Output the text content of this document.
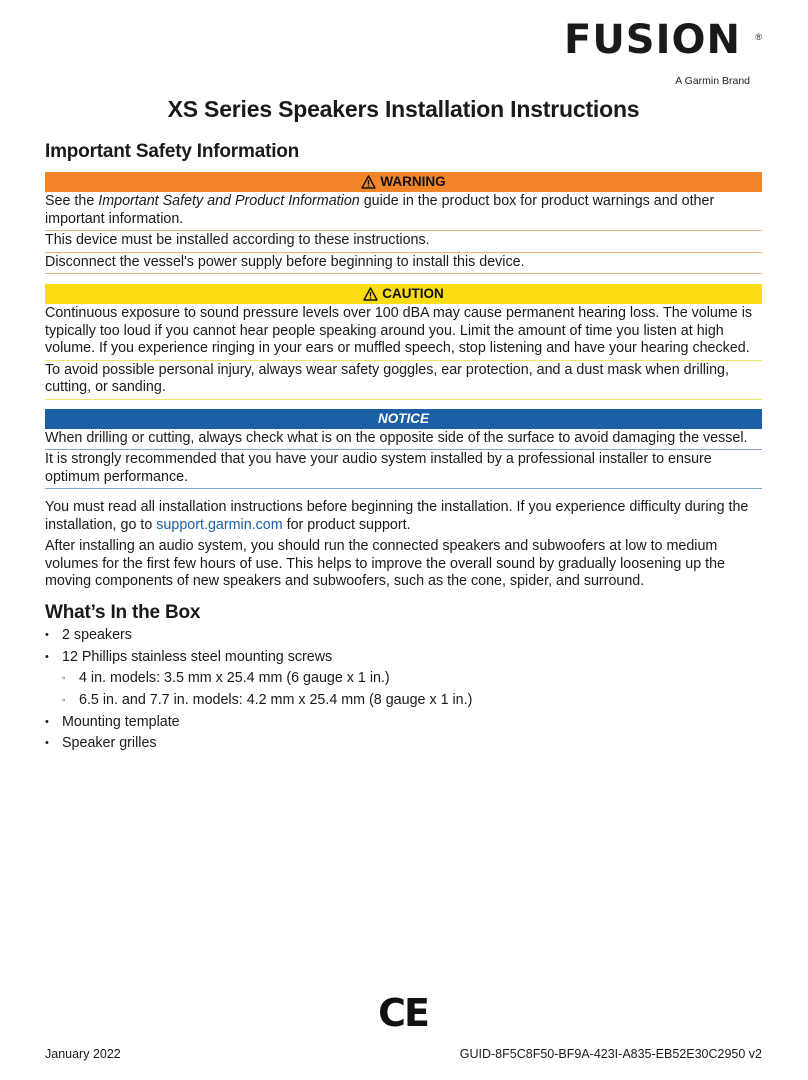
FUSION ®
A Garmin Brand
XS Series Speakers Installation Instructions
Important Safety Information
WARNING
See the Important Safety and Product Information guide in the product box for product warnings and other important information.
This device must be installed according to these instructions.
Disconnect the vessel's power supply before beginning to install this device.
CAUTION
Continuous exposure to sound pressure levels over 100 dBA may cause permanent hearing loss. The volume is typically too loud if you cannot hear people speaking around you. Limit the amount of time you listen at high volume. If you experience ringing in your ears or muffled speech, stop listening and have your hearing checked.
To avoid possible personal injury, always wear safety goggles, ear protection, and a dust mask when drilling, cutting, or sanding.
NOTICE
When drilling or cutting, always check what is on the opposite side of the surface to avoid damaging the vessel.
It is strongly recommended that you have your audio system installed by a professional installer to ensure optimum performance.

You must read all installation instructions before beginning the installation. If you experience difficulty during the installation, go to support.garmin.com for product support.

After installing an audio system, you should run the connected speakers and subwoofers at low to medium volumes for the first few hours of use. This helps to improve the overall sound by gradually loosening up the moving components of new speakers and subwoofers, such as the cone, spider, and surround.

What’s In the Box
• 2 speakers
• 12 Phillips stainless steel mounting screws
◦ 4 in. models: 3.5 mm x 25.4 mm (6 gauge x 1 in.)
◦ 6.5 in. and 7.7 in. models: 4.2 mm x 25.4 mm (8 gauge x 1 in.)
• Mounting template
• Speaker grilles
CE
January 2022	GUID-8F5C8F50-BF9A-423I-A835-EB52E30C2950 v2
